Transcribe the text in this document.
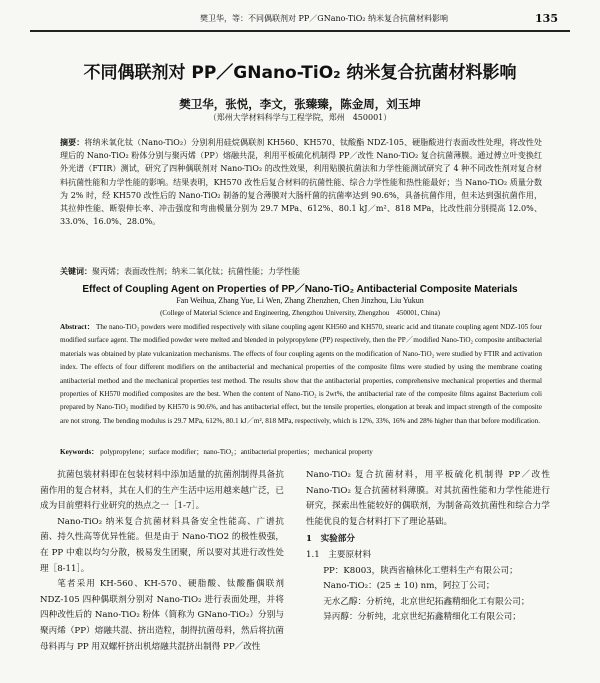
樊卫华，等：不同偶联剂对 PP／GNano-TiO₂ 纳米复合抗菌材料影响	135
不同偶联剂对 PP／GNano-TiO₂ 纳米复合抗菌材料影响
樊卫华，张悦，李文，张臻臻，陈金周，刘玉坤
（郑州大学材料科学与工程学院，郑州　450001）
摘要：将纳米氧化钛（Nano-TiO₂）分别利用硅烷偶联剂 KH560、KH570、钛酸酯 NDZ-105、硬脂酸进行表面改性处理，将改性处理后的 Nano-TiO₂ 粉体分别与聚丙烯（PP）熔融共混，利用平板硫化机制得 PP／改性 Nano-TiO₂ 复合抗菌薄膜。通过傅立叶变换红外光谱（FTIR）测试，研究了四种偶联剂对 Nano-TiO₂ 的改性效果，利用贴膜抗菌法和力学性能测试研究了 4 种不同改性剂对复合材料抗菌性能和力学性能的影响。结果表明，KH570 改性后复合材料的抗菌性能、综合力学性能和热性能最好；当 Nano-TiO₂ 质量分数为 2% 时，经 KH570 改性后的 Nano-TiO₂ 制备的复合薄膜对大肠杆菌的抗菌率达到 90.6%，具备抗菌作用，但未达到强抗菌作用，其拉伸性能、断裂伸长率、冲击强度和弯曲模量分别为 29.7 MPa、612%、80.1 kJ／m²、818 MPa，比改性前分别提高 12.0%、33.0%、16.0%、28.0%。
关键词：聚丙烯；表面改性剂；纳米二氧化钛；抗菌性能；力学性能
Effect of Coupling Agent on Properties of PP／Nano-TiO₂ Antibacterial Composite Materials
Fan Weihua, Zhang Yue, Li Wen, Zhang Zhenzhen, Chen Jinzhou, Liu Yukun
(College of Material Science and Engineering, Zhengzhou University, Zhengzhou　450001, China)
Abstract： The nano-TiO₂ powders were modified respectively with silane coupling agent KH560 and KH570, stearic acid and titanate coupling agent NDZ-105 four modified surface agent. The modified powder were melted and blended in polypropylene (PP) respectively, then the PP／modified Nano-TiO₂ composite antibacterial materials was obtained by plate vulcanization mechanisms. The effects of four coupling agents on the modification of Nano-TiO₂ were studied by FTIR and activation index. The effects of four different modifiers on the antibacterial and mechanical properties of the composite films were studied by using the membrane coating antibacterial method and the mechanical properties test method. The results show that the antibacterial properties, comprehensive mechanical properties and thermal properties of KH570 modified composites are the best. When the content of Nano-TiO₂ is 2wt%, the antibacterial rate of the composite films against Bacterium coli prepared by Nano-TiO₂ modified by KH570 is 90.6%, and has antibacterial effect, but the tensile properties, elongation at break and impact strength of the composite are not strong. The bending modulus is 29.7 MPa, 612%, 80.1 kJ／m², 818 MPa, respectively, which is 12%, 33%, 16% and 28% higher than that before modification.
Keywords： polypropylene；surface modifier；nano-TiO₂；antibacterial properties；mechanical property

抗菌包装材料即在包装材料中添加适量的抗菌剂制得具备抗菌作用的复合材料，其在人们的生产生活中运用越来越广泛，已成为目前塑料行业研究的热点之一［1-7］。

Nano-TiO₂ 纳米复合抗菌材料具备安全性能高、广谱抗菌、持久性高等优异性能。但是由于 Nano-TiO2 的极性极强，在 PP 中难以均匀分散，极易发生团聚，所以要对其进行改性处理［8-11］。

笔者采用 KH-560、KH-570、硬脂酸、钛酸酯偶联剂 NDZ-105 四种偶联剂分别对 Nano-TiO₂ 进行表面处理，并将四种改性后的 Nano-TiO₂ 粉体（简称为 GNano-TiO₂）分别与聚丙烯（PP）熔融共混、挤出造粒，制得抗菌母料，然后将抗菌母料再与 PP 用双螺杆挤出机熔融共混挤出制得 PP／改性

Nano-TiO₂ 复合抗菌材料，用平板硫化机制得 PP／改性 Nano-TiO₂ 复合抗菌材料薄膜。对其抗菌性能和力学性能进行研究，探索出性能较好的偶联剂，为制备高效抗菌性和综合力学性能优良的复合材料打下了理论基础。

1　实验部分

1.1　主要原材料

PP：K8003，陕西省榆林化工塑料生产有限公司；

Nano-TiO₂：(25 ± 10) nm，阿拉丁公司；

无水乙醇：分析纯，北京世纪拓鑫精细化工有限公司；

异丙醇：分析纯，北京世纪拓鑫精细化工有限公司；
